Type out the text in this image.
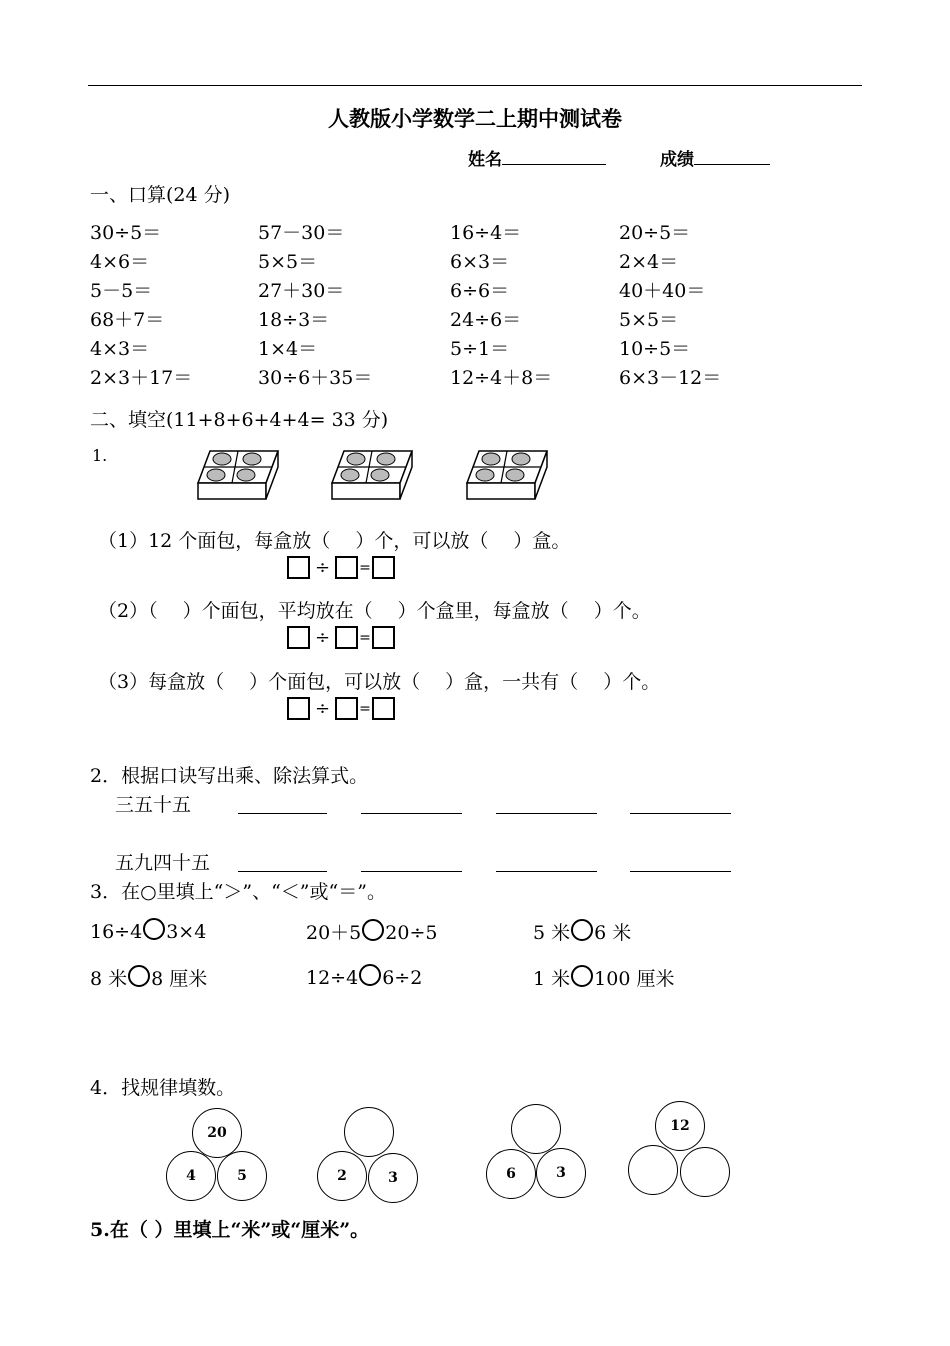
人教版小学数学二上期中测试卷
姓名	成绩
一、口算(24 分)
30÷5＝	57－30＝	16÷4＝	20÷5＝
4×6＝	5×5＝	6×3＝	2×4＝
5－5＝	27＋30＝	6÷6＝	40＋40＝
68＋7＝	18÷3＝	24÷6＝	5×5＝
4×3＝	1×4＝	5÷1＝	10÷5＝
2×3＋17＝	30÷6＋35＝	12÷4＋8＝	6×3－12＝
二、填空(11+8+6+4+4= 33 分)
1.
（1）12 个面包，每盒放（　 ）个，可以放（　 ）盒。
÷ =
（2）（　 ）个面包，平均放在（　 ）个盒里，每盒放（　 ）个。
÷ =
（3）每盒放（　 ）个面包，可以放（　 ）盒，一共有（　 ）个。
÷ =
2．根据口诀写出乘、除法算式。
三五十五
五九四十五
3．在○里填上“＞”、“＜”或“＝”。
16÷4 3×4	20＋5 20÷5	5 米 6 米
8 米 8 厘米	12÷4 6÷2	1 米 100 厘米
4．找规律填数。
20
4	5	2	3	6	3
12
5.在（ ）里填上“米”或“厘米”。
